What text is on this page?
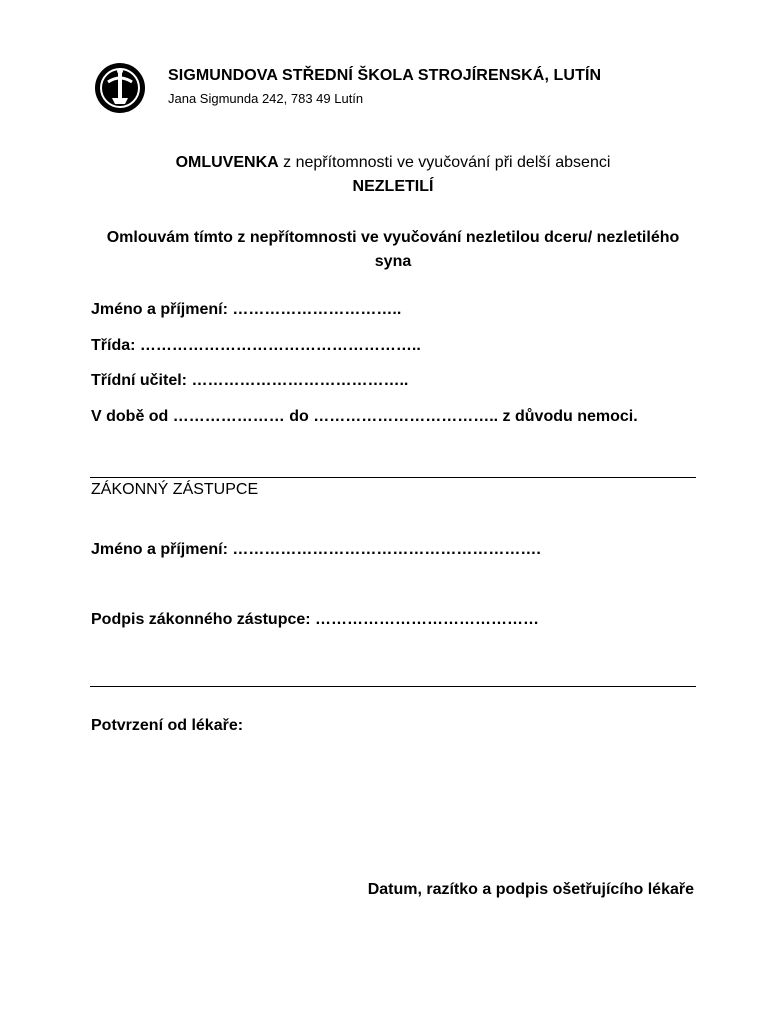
SIGMUNDOVA STŘEDNÍ ŠKOLA STROJÍRENSKÁ, LUTÍN
Jana Sigmunda 242, 783 49 Lutín
OMLUVENKA z nepřítomnosti ve vyučování při delší absenci
NEZLETILÍ
Omlouvám tímto z nepřítomnosti ve vyučování nezletilou dceru/ nezletilého syna
Jméno a příjmení: …………………………..
Třída: ……………………………………………..
Třídní učitel: …………………………………..
V době od ………………… do …………………………….. z důvodu nemoci.
ZÁKONNÝ ZÁSTUPCE
Jméno a příjmení: ………………………………………………….
Podpis zákonného zástupce: ……………………………………
Potvrzení od lékaře:
Datum, razítko a podpis ošetřujícího lékaře
